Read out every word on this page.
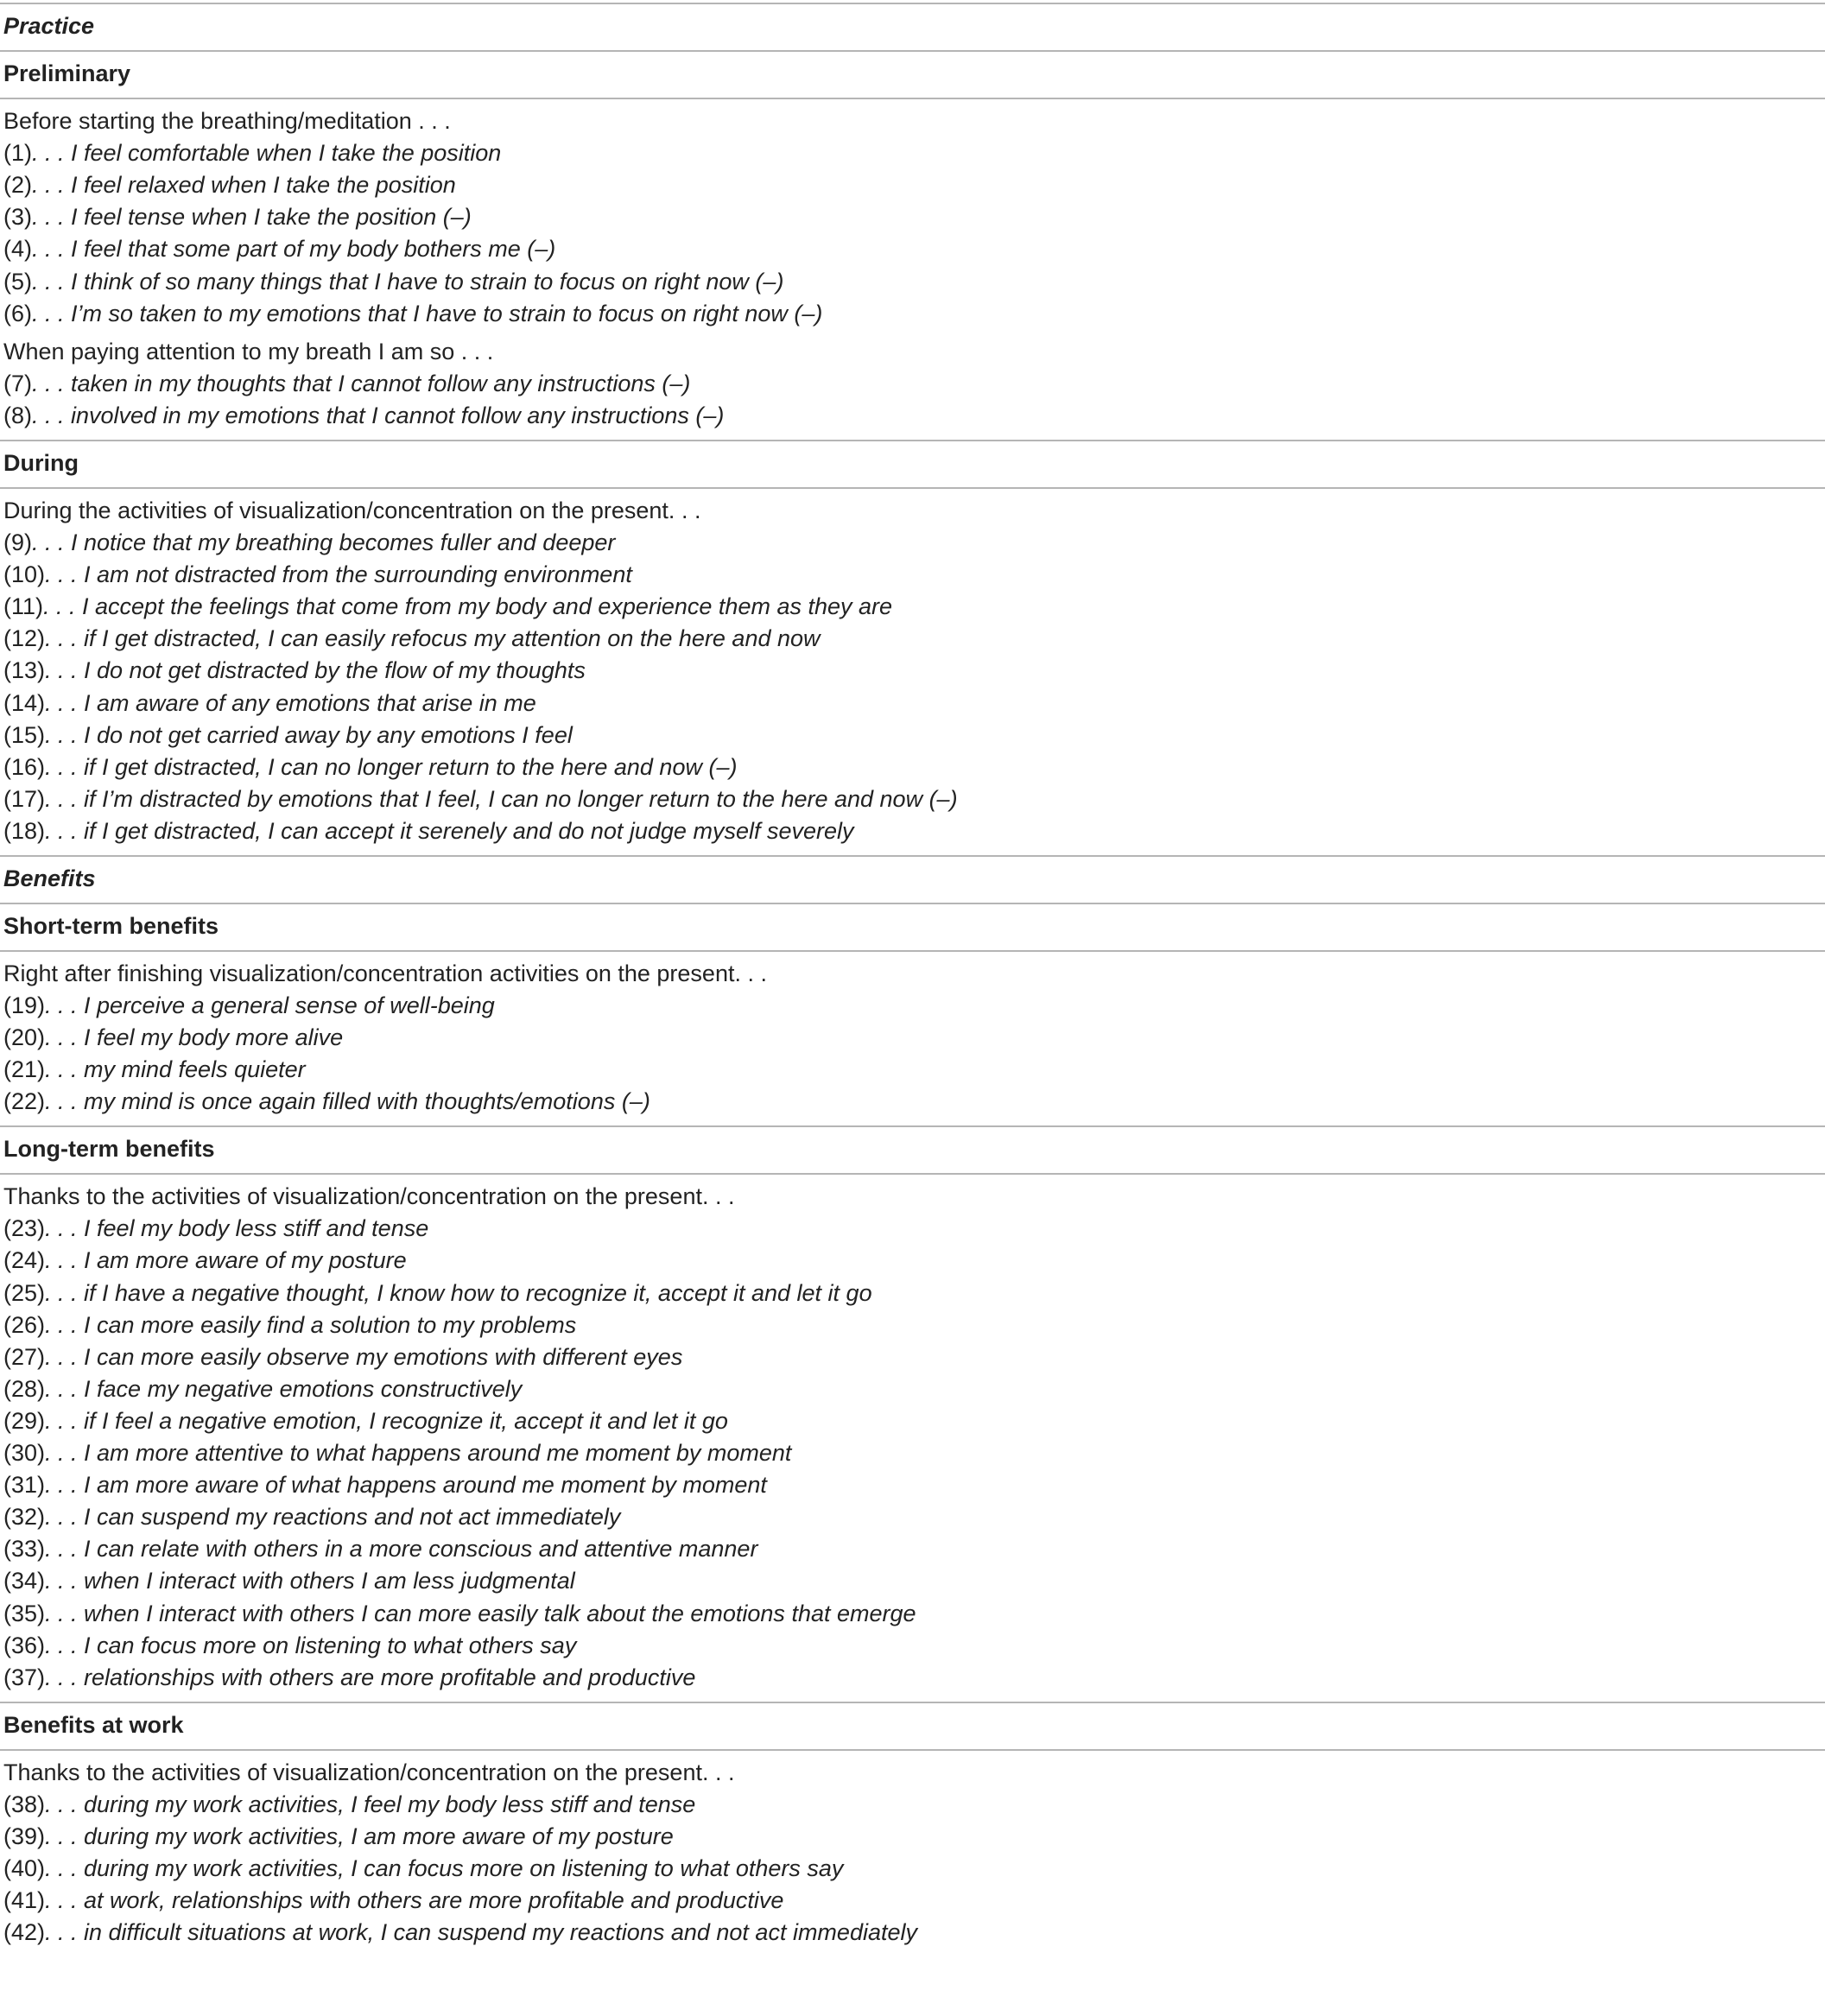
Practice
Preliminary
Before starting the breathing/meditation . . .
(1). . . I feel comfortable when I take the position
(2). . . I feel relaxed when I take the position
(3). . . I feel tense when I take the position (–)
(4). . . I feel that some part of my body bothers me (–)
(5). . . I think of so many things that I have to strain to focus on right now (–)
(6). . . I’m so taken to my emotions that I have to strain to focus on right now (–)
When paying attention to my breath I am so . . .
(7). . . taken in my thoughts that I cannot follow any instructions (–)
(8). . . involved in my emotions that I cannot follow any instructions (–)
During
During the activities of visualization/concentration on the present. . .
(9). . . I notice that my breathing becomes fuller and deeper
(10). . . I am not distracted from the surrounding environment
(11). . . I accept the feelings that come from my body and experience them as they are
(12). . . if I get distracted, I can easily refocus my attention on the here and now
(13). . . I do not get distracted by the flow of my thoughts
(14). . . I am aware of any emotions that arise in me
(15). . . I do not get carried away by any emotions I feel
(16). . . if I get distracted, I can no longer return to the here and now (–)
(17). . . if I’m distracted by emotions that I feel, I can no longer return to the here and now (–)
(18). . . if I get distracted, I can accept it serenely and do not judge myself severely
Benefits
Short-term benefits
Right after finishing visualization/concentration activities on the present. . .
(19). . . I perceive a general sense of well-being
(20). . . I feel my body more alive
(21). . . my mind feels quieter
(22). . . my mind is once again filled with thoughts/emotions (–)
Long-term benefits
Thanks to the activities of visualization/concentration on the present. . .
(23). . . I feel my body less stiff and tense
(24). . . I am more aware of my posture
(25). . . if I have a negative thought, I know how to recognize it, accept it and let it go
(26). . . I can more easily find a solution to my problems
(27). . . I can more easily observe my emotions with different eyes
(28). . . I face my negative emotions constructively
(29). . . if I feel a negative emotion, I recognize it, accept it and let it go
(30). . . I am more attentive to what happens around me moment by moment
(31). . . I am more aware of what happens around me moment by moment
(32). . . I can suspend my reactions and not act immediately
(33). . . I can relate with others in a more conscious and attentive manner
(34). . . when I interact with others I am less judgmental
(35). . . when I interact with others I can more easily talk about the emotions that emerge
(36). . . I can focus more on listening to what others say
(37). . . relationships with others are more profitable and productive
Benefits at work
Thanks to the activities of visualization/concentration on the present. . .
(38). . . during my work activities, I feel my body less stiff and tense
(39). . . during my work activities, I am more aware of my posture
(40). . . during my work activities, I can focus more on listening to what others say
(41). . . at work, relationships with others are more profitable and productive
(42). . . in difficult situations at work, I can suspend my reactions and not act immediately
